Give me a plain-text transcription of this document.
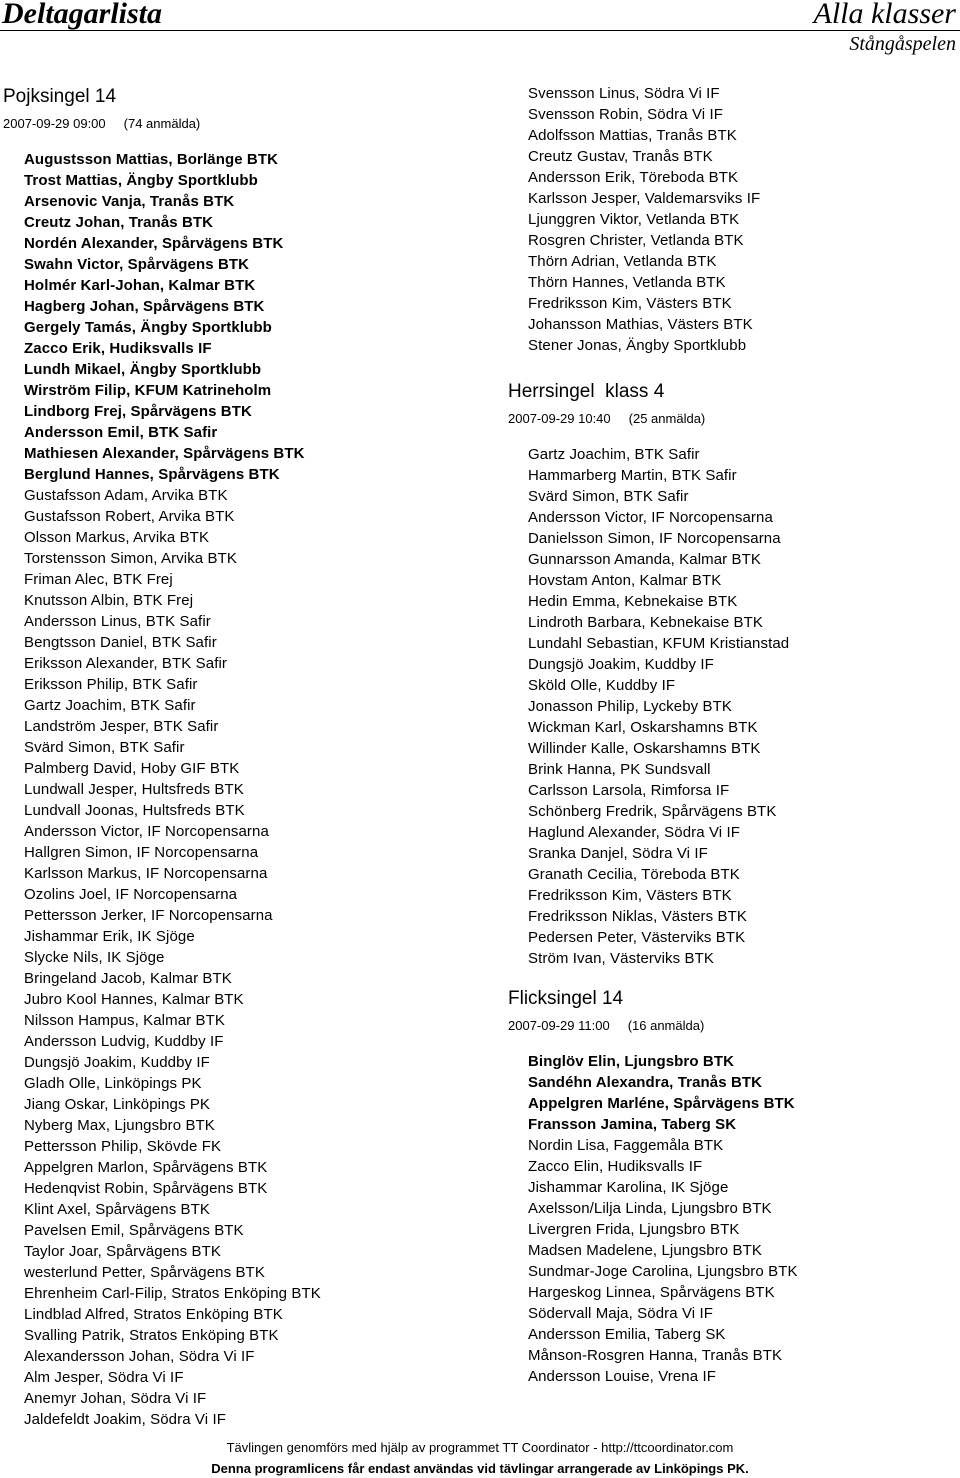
Deltagarlista	Alla klasser
Stångåspelen
Pojksingel 14
2007-09-29 09:00 (74 anmälda)
Augustsson Mattias, Borlänge BTK
Trost Mattias, Ängby Sportklubb
Arsenovic Vanja, Tranås BTK
Creutz Johan, Tranås BTK
Nordén Alexander, Spårvägens BTK
Swahn Victor, Spårvägens BTK
Holmér Karl-Johan, Kalmar BTK
Hagberg Johan, Spårvägens BTK
Gergely Tamás, Ängby Sportklubb
Zacco Erik, Hudiksvalls IF
Lundh Mikael, Ängby Sportklubb
Wirström Filip, KFUM Katrineholm
Lindborg Frej, Spårvägens BTK
Andersson Emil, BTK Safir
Mathiesen Alexander, Spårvägens BTK
Berglund Hannes, Spårvägens BTK
Gustafsson Adam, Arvika BTK
Gustafsson Robert, Arvika BTK
Olsson Markus, Arvika BTK
Torstensson Simon, Arvika BTK
Friman Alec, BTK Frej
Knutsson Albin, BTK Frej
Andersson Linus, BTK Safir
Bengtsson Daniel, BTK Safir
Eriksson Alexander, BTK Safir
Eriksson Philip, BTK Safir
Gartz Joachim, BTK Safir
Landström Jesper, BTK Safir
Svärd Simon, BTK Safir
Palmberg David, Hoby GIF BTK
Lundwall Jesper, Hultsfreds BTK
Lundvall Joonas, Hultsfreds BTK
Andersson Victor, IF Norcopensarna
Hallgren Simon, IF Norcopensarna
Karlsson Markus, IF Norcopensarna
Ozolins Joel, IF Norcopensarna
Pettersson Jerker, IF Norcopensarna
Jishammar Erik, IK Sjöge
Slycke Nils, IK Sjöge
Bringeland Jacob, Kalmar BTK
Jubro Kool Hannes, Kalmar BTK
Nilsson Hampus, Kalmar BTK
Andersson Ludvig, Kuddby IF
Dungsjö Joakim, Kuddby IF
Gladh Olle, Linköpings PK
Jiang Oskar, Linköpings PK
Nyberg Max, Ljungsbro BTK
Pettersson Philip, Skövde FK
Appelgren Marlon, Spårvägens BTK
Hedenqvist Robin, Spårvägens BTK
Klint Axel, Spårvägens BTK
Pavelsen Emil, Spårvägens BTK
Taylor Joar, Spårvägens BTK
westerlund Petter, Spårvägens BTK
Ehrenheim Carl-Filip, Stratos Enköping BTK
Lindblad Alfred, Stratos Enköping BTK
Svalling Patrik, Stratos Enköping BTK
Alexandersson Johan, Södra Vi IF
Alm Jesper, Södra Vi IF
Anemyr Johan, Södra Vi IF
Jaldefeldt Joakim, Södra Vi IF
Svensson Linus, Södra Vi IF
Svensson Robin, Södra Vi IF
Adolfsson Mattias, Tranås BTK
Creutz Gustav, Tranås BTK
Andersson Erik, Töreboda BTK
Karlsson Jesper, Valdemarsviks IF
Ljunggren Viktor, Vetlanda BTK
Rosgren Christer, Vetlanda BTK
Thörn Adrian, Vetlanda BTK
Thörn Hannes, Vetlanda BTK
Fredriksson Kim, Västers BTK
Johansson Mathias, Västers BTK
Stener Jonas, Ängby Sportklubb
Herrsingel  klass 4
2007-09-29 10:40 (25 anmälda)
Gartz Joachim, BTK Safir
Hammarberg Martin, BTK Safir
Svärd Simon, BTK Safir
Andersson Victor, IF Norcopensarna
Danielsson Simon, IF Norcopensarna
Gunnarsson Amanda, Kalmar BTK
Hovstam Anton, Kalmar BTK
Hedin Emma, Kebnekaise BTK
Lindroth Barbara, Kebnekaise BTK
Lundahl Sebastian, KFUM Kristianstad
Dungsjö Joakim, Kuddby IF
Sköld Olle, Kuddby IF
Jonasson Philip, Lyckeby BTK
Wickman Karl, Oskarshamns BTK
Willinder Kalle, Oskarshamns BTK
Brink Hanna, PK Sundsvall
Carlsson Larsola, Rimforsa IF
Schönberg Fredrik, Spårvägens BTK
Haglund Alexander, Södra Vi IF
Sranka Danjel, Södra Vi IF
Granath Cecilia, Töreboda BTK
Fredriksson Kim, Västers BTK
Fredriksson Niklas, Västers BTK
Pedersen Peter, Västerviks BTK
Ström Ivan, Västerviks BTK
Flicksingel 14
2007-09-29 11:00 (16 anmälda)
Binglöv Elin, Ljungsbro BTK
Sandéhn Alexandra, Tranås BTK
Appelgren Marléne, Spårvägens BTK
Fransson Jamina, Taberg SK
Nordin Lisa, Faggemåla BTK
Zacco Elin, Hudiksvalls IF
Jishammar Karolina, IK Sjöge
Axelsson/Lilja Linda, Ljungsbro BTK
Livergren Frida, Ljungsbro BTK
Madsen Madelene, Ljungsbro BTK
Sundmar-Joge Carolina, Ljungsbro BTK
Hargeskog Linnea, Spårvägens BTK
Södervall Maja, Södra Vi IF
Andersson Emilia, Taberg SK
Månson-Rosgren Hanna, Tranås BTK
Andersson Louise, Vrena IF
Tävlingen genomförs med hjälp av programmet TT Coordinator - http://ttcoordinator.com
Denna programlicens får endast användas vid tävlingar arrangerade av Linköpings PK.
